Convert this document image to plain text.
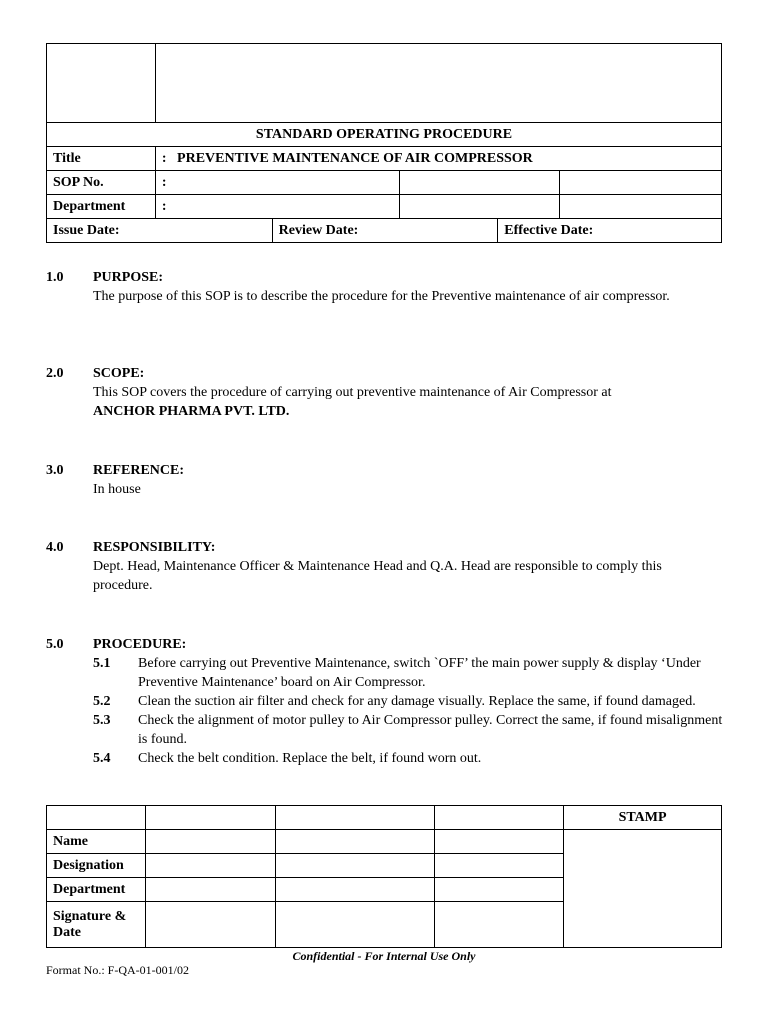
STANDARD OPERATING PROCEDURE					
Title	:   PREVENTIVE MAINTENANCE OF AIR COMPRESSOR				
SOP No.	:				
Department	:				
Issue Date:		Review Date:		Effective Date:	
1.0 PURPOSE:
The purpose of this SOP is to describe the procedure for the Preventive maintenance of air compressor.
2.0 SCOPE:
This SOP covers the procedure of carrying out preventive maintenance of Air Compressor at
ANCHOR PHARMA PVT. LTD.
3.0 REFERENCE:
In house
4.0 RESPONSIBILITY:
Dept. Head, Maintenance Officer & Maintenance Head and Q.A. Head are responsible to comply this procedure.
5.0 PROCEDURE:
5.1 Before carrying out Preventive Maintenance, switch `OFF’ the main power supply & display ‘Under Preventive Maintenance’ board on Air Compressor.
5.2 Clean the suction air filter and check for any damage visually. Replace the same, if found damaged.
5.3 Check the alignment of motor pulley to Air Compressor pulley. Correct the same, if found misalignment is found.
5.4 Check the belt condition. Replace the belt, if found worn out.
				STAMP
Name				
Designation				
Department				
Signature & Date				
Confidential - For Internal Use Only
Format No.: F-QA-01-001/02
